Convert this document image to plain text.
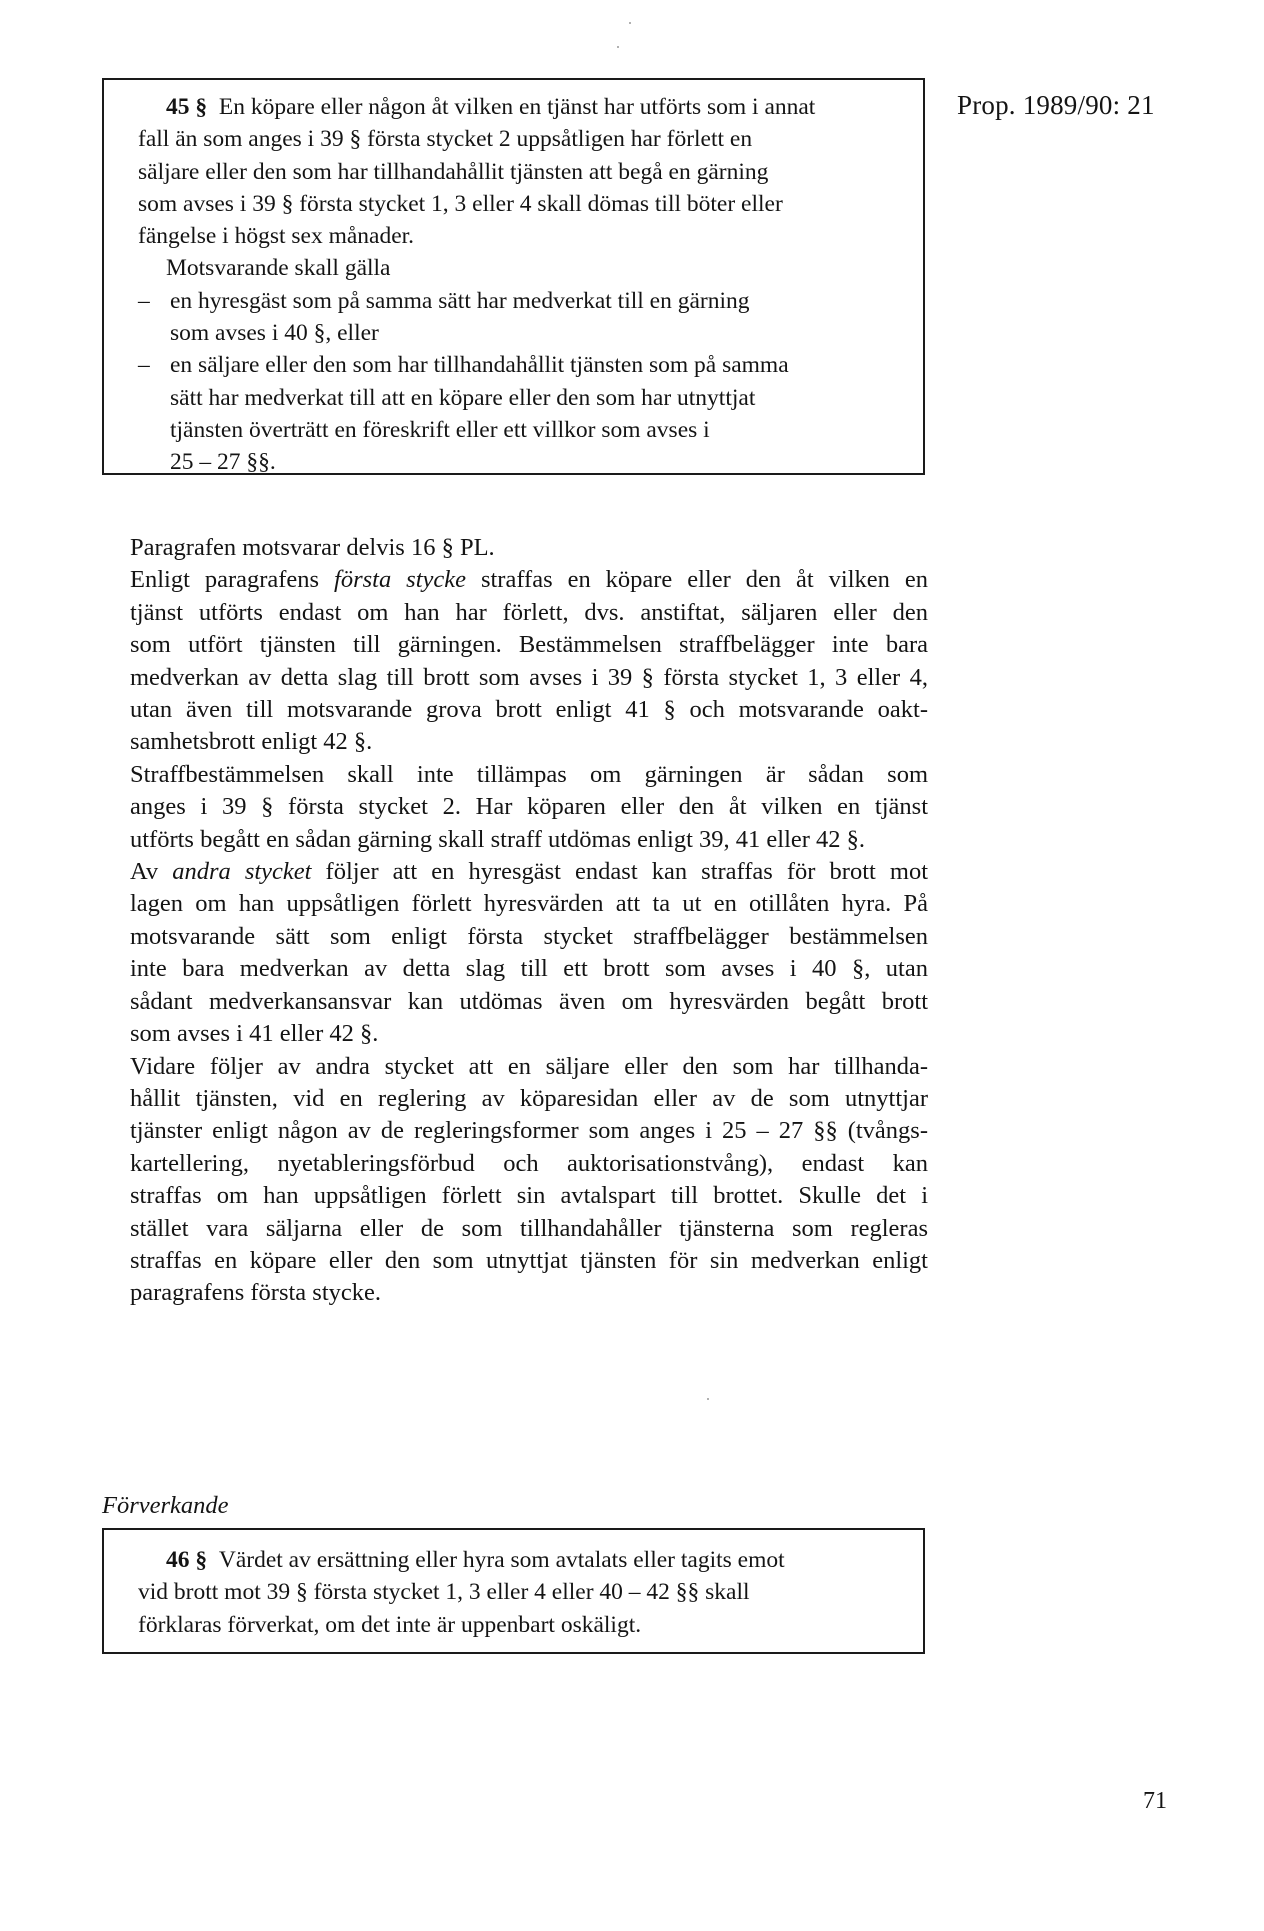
Prop. 1989/90: 21
45 § En köpare eller någon åt vilken en tjänst har utförts som i annat
fall än som anges i 39 § första stycket 2 uppsåtligen har förlett en
säljare eller den som har tillhandahållit tjänsten att begå en gärning
som avses i 39 § första stycket 1, 3 eller 4 skall dömas till böter eller
fängelse i högst sex månader.
Motsvarande skall gälla
– en hyresgäst som på samma sätt har medverkat till en gärning
som avses i 40 §, eller
– en säljare eller den som har tillhandahållit tjänsten som på samma
sätt har medverkat till att en köpare eller den som har utnyttjat
tjänsten överträtt en föreskrift eller ett villkor som avses i
25 – 27 §§.

Paragrafen motsvarar delvis 16 § PL.

Enligt paragrafens första stycke straffas en köpare eller den åt vilken en
tjänst utförts endast om han har förlett, dvs. anstiftat, säljaren eller den
som utfört tjänsten till gärningen. Bestämmelsen straffbelägger inte bara
medverkan av detta slag till brott som avses i 39 § första stycket 1, 3 eller 4,
utan även till motsvarande grova brott enligt 41 § och motsvarande oakt-
samhetsbrott enligt 42 §.

Straffbestämmelsen skall inte tillämpas om gärningen är sådan som
anges i 39 § första stycket 2. Har köparen eller den åt vilken en tjänst
utförts begått en sådan gärning skall straff utdömas enligt 39, 41 eller 42 §.

Av andra stycket följer att en hyresgäst endast kan straffas för brott mot
lagen om han uppsåtligen förlett hyresvärden att ta ut en otillåten hyra. På
motsvarande sätt som enligt första stycket straffbelägger bestämmelsen
inte bara medverkan av detta slag till ett brott som avses i 40 §, utan
sådant medverkansansvar kan utdömas även om hyresvärden begått brott
som avses i 41 eller 42 §.

Vidare följer av andra stycket att en säljare eller den som har tillhanda-
hållit tjänsten, vid en reglering av köparesidan eller av de som utnyttjar
tjänster enligt någon av de regleringsformer som anges i 25 – 27 §§ (tvångs-
kartellering, nyetableringsförbud och auktorisationstvång), endast kan
straffas om han uppsåtligen förlett sin avtalspart till brottet. Skulle det i
stället vara säljarna eller de som tillhandahåller tjänsterna som regleras
straffas en köpare eller den som utnyttjat tjänsten för sin medverkan enligt
paragrafens första stycke.

Förverkande
46 § Värdet av ersättning eller hyra som avtalats eller tagits emot
vid brott mot 39 § första stycket 1, 3 eller 4 eller 40 – 42 §§ skall
förklaras förverkat, om det inte är uppenbart oskäligt.
71
